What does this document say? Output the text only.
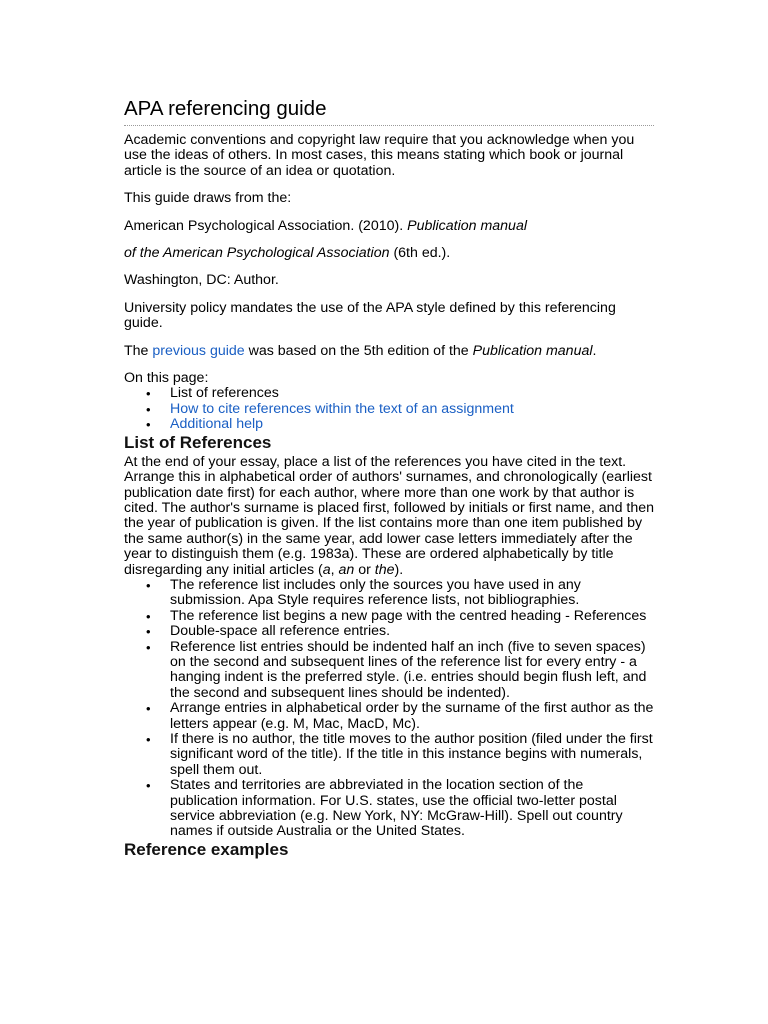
APA referencing guide

Academic conventions and copyright law require that you acknowledge when you use the ideas of others. In most cases, this means stating which book or journal article is the source of an idea or quotation.

This guide draws from the:

American Psychological Association. (2010). Publication manual

of the American Psychological Association (6th ed.).

Washington, DC: Author.

University policy mandates the use of the APA style defined by this referencing guide.

The previous guide was based on the 5th edition of the Publication manual.

On this page:

• List of references
• How to cite references within the text of an assignment
• Additional help
List of References

At the end of your essay, place a list of the references you have cited in the text. Arrange this in alphabetical order of authors' surnames, and chronologically (earliest publication date first) for each author, where more than one work by that author is cited. The author's surname is placed first, followed by initials or first name, and then the year of publication is given. If the list contains more than one item published by the same author(s) in the same year, add lower case letters immediately after the year to distinguish them (e.g. 1983a). These are ordered alphabetically by title disregarding any initial articles (a, an or the).

• The reference list includes only the sources you have used in any submission. Apa Style requires reference lists, not bibliographies.
• The reference list begins a new page with the centred heading - References
• Double-space all reference entries.
• Reference list entries should be indented half an inch (five to seven spaces) on the second and subsequent lines of the reference list for every entry - a hanging indent is the preferred style. (i.e. entries should begin flush left, and the second and subsequent lines should be indented).
• Arrange entries in alphabetical order by the surname of the first author as the letters appear (e.g. M, Mac, MacD, Mc).
• If there is no author, the title moves to the author position (filed under the first significant word of the title). If the title in this instance begins with numerals, spell them out.
• States and territories are abbreviated in the location section of the publication information. For U.S. states, use the official two-letter postal service abbreviation (e.g. New York, NY: McGraw-Hill). Spell out country names if outside Australia or the United States.
Reference examples
